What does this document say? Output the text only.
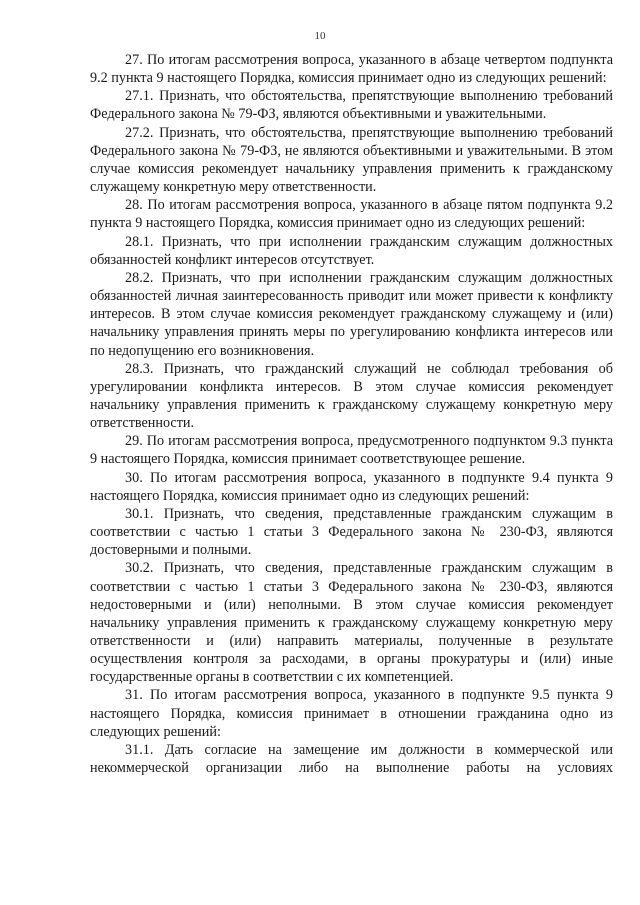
10

27. По итогам рассмотрения вопроса, указанного в абзаце четвертом подпункта 9.2 пункта 9 настоящего Порядка, комиссия принимает одно из следующих решений:

27.1. Признать, что обстоятельства, препятствующие выполнению требований Федерального закона № 79-ФЗ, являются объективными и уважительными.

27.2. Признать, что обстоятельства, препятствующие выполнению требований Федерального закона № 79-ФЗ, не являются объективными и уважительными. В этом случае комиссия рекомендует начальнику управления применить к гражданскому служащему конкретную меру ответственности.

28. По итогам рассмотрения вопроса, указанного в абзаце пятом подпункта 9.2 пункта 9 настоящего Порядка, комиссия принимает одно из следующих решений:

28.1. Признать, что при исполнении гражданским служащим должностных обязанностей конфликт интересов отсутствует.

28.2. Признать, что при исполнении гражданским служащим должностных обязанностей личная заинтересованность приводит или может привести к конфликту интересов. В этом случае комиссия рекомендует гражданскому служащему и (или) начальнику управления принять меры по урегулированию конфликта интересов или по недопущению его возникновения.

28.3. Признать, что гражданский служащий не соблюдал требования об урегулировании конфликта интересов. В этом случае комиссия рекомендует начальнику управления применить к гражданскому служащему конкретную меру ответственности.

29. По итогам рассмотрения вопроса, предусмотренного подпунктом 9.3 пункта 9 настоящего Порядка, комиссия принимает соответствующее решение.

30. По итогам рассмотрения вопроса, указанного в подпункте 9.4 пункта 9 настоящего Порядка, комиссия принимает одно из следующих решений:

30.1. Признать, что сведения, представленные гражданским служащим в соответствии с частью 1 статьи 3 Федерального закона № 230-ФЗ, являются достоверными и полными.

30.2. Признать, что сведения, представленные гражданским служащим в соответствии с частью 1 статьи 3 Федерального закона № 230-ФЗ, являются недостоверными и (или) неполными. В этом случае комиссия рекомендует начальнику управления применить к гражданскому служащему конкретную меру ответственности и (или) направить материалы, полученные в результате осуществления контроля за расходами, в органы прокуратуры и (или) иные государственные органы в соответствии с их компетенцией.

31. По итогам рассмотрения вопроса, указанного в подпункте 9.5 пункта 9 настоящего Порядка, комиссия принимает в отношении гражданина одно из следующих решений:

31.1. Дать согласие на замещение им должности в коммерческой или некоммерческой организации либо на выполнение работы на условиях
